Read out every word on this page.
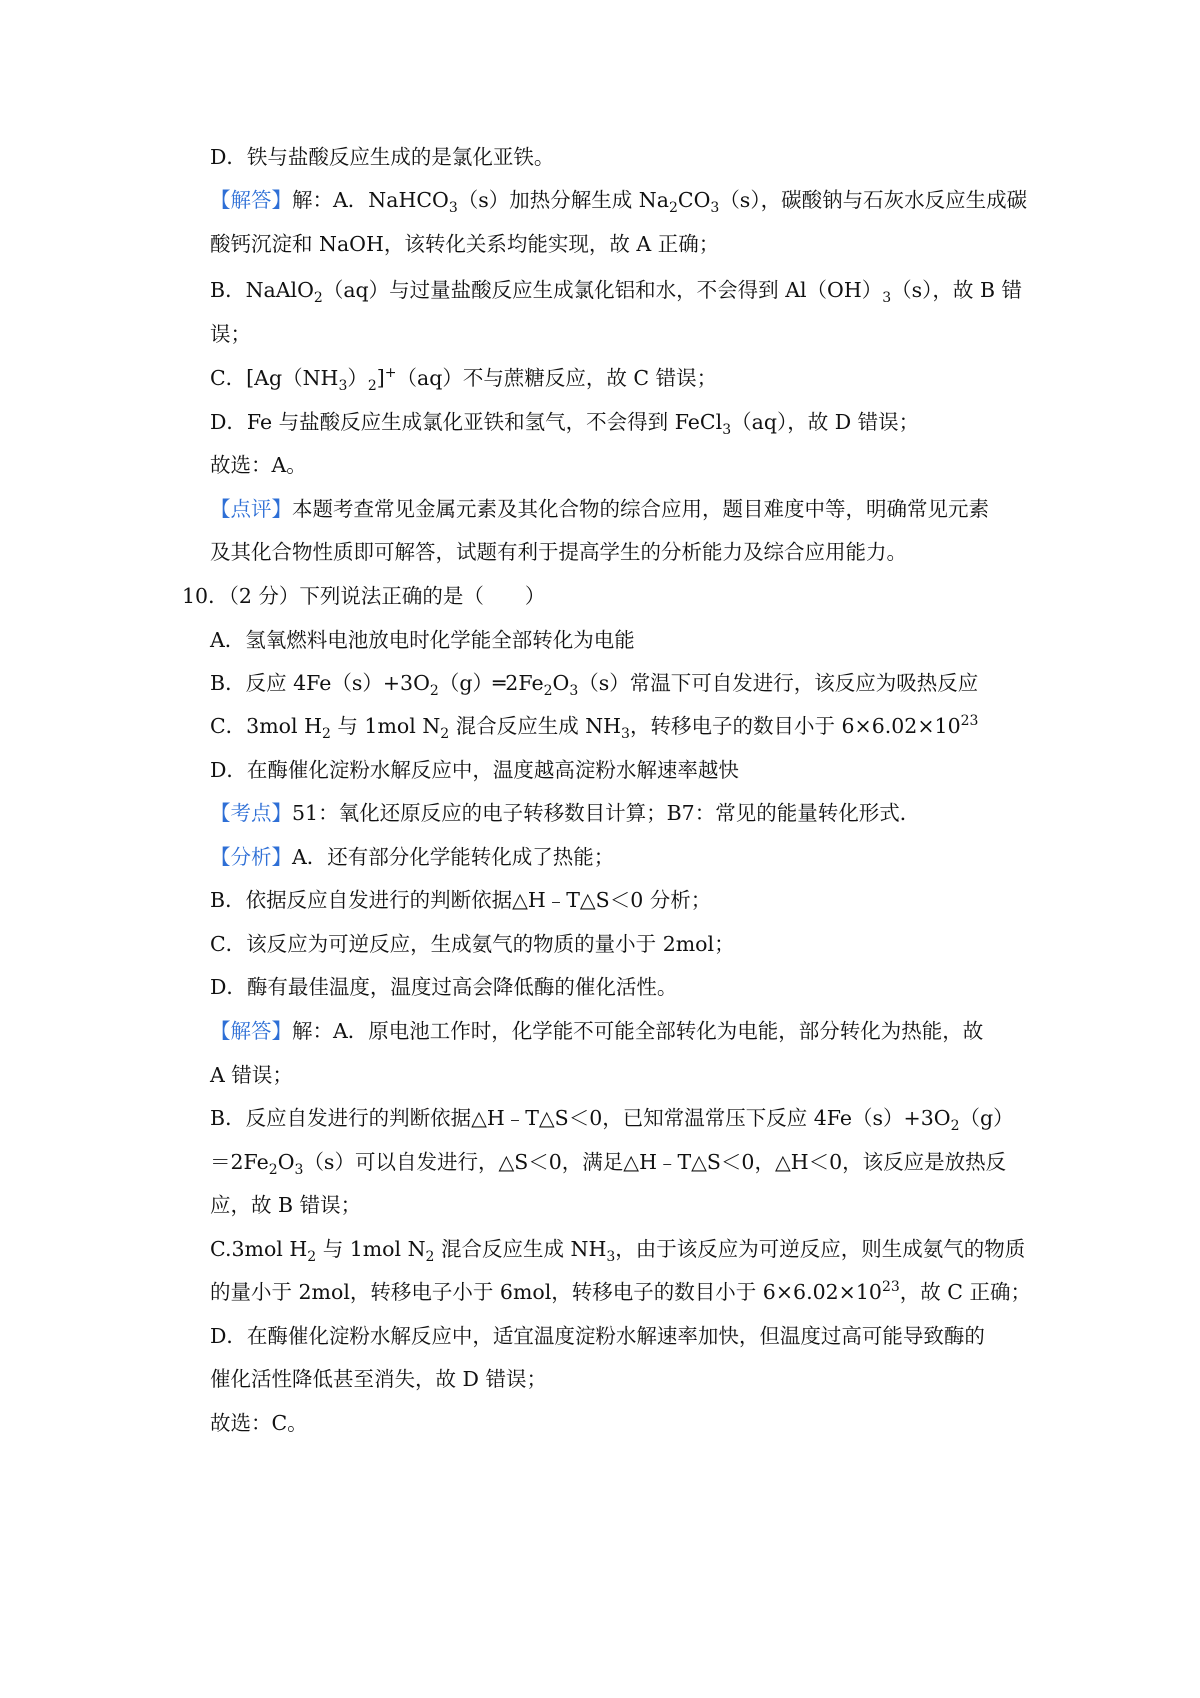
D．铁与盐酸反应生成的是氯化亚铁。
【解答】解：A．NaHCO$_3$（s）加热分解生成 $Na_2CO_3(s)$，碳酸钠与石灰水反应生成碳
酸钙沉淀和 NaOH，该转化关系均能实现，故 A 正确；
B．NaAlO$_2$（aq）与过量盐酸反应生成氯化铝和水，不会得到 $Al(OH)_3(s)$，故 B 错
误；
C．$[Ag(NH_3)_2]^+(aq)$不与蔗糖反应，故 C 错误；
D．Fe 与盐酸反应生成氯化亚铁和氢气，不会得到 FeCl$_3$（aq），故 D 错误；
故选：A。
【点评】本题考查常见金属元素及其化合物的综合应用，题目难度中等，明确常见元素
及其化合物性质即可解答，试题有利于提高学生的分析能力及综合应用能力。
10．（2 分）下列说法正确的是（　　）
A．氢氧燃料电池放电时化学能全部转化为电能
B．反应 $4Fe(s)+3O_2(g)═2Fe_2O_3(s)$常温下可自发进行，该反应为吸热反应
C．3mol $H_2$ 与 1mol $N_2$ 混合反应生成 $NH_3$，转移电子的数目小于 $6\times 6.02\times 10^{23}$
D．在酶催化淀粉水解反应中，温度越高淀粉水解速率越快
【考点】51：氧化还原反应的电子转移数目计算；B7：常见的能量转化形式．
【分析】A．还有部分化学能转化成了热能；
B．依据反应自发进行的判断依据△H﹣T△S＜0 分析；
C．该反应为可逆反应，生成氨气的物质的量小于 2mol；
D．酶有最佳温度，温度过高会降低酶的催化活性。
【解答】解：A．原电池工作时，化学能不可能全部转化为电能，部分转化为热能，故
A 错误；
B．反应自发进行的判断依据△H﹣T△S＜0，已知常温常压下反应 $4Fe(s)+3O_2(g)$
$=2Fe_2O_3(s)$可以自发进行，△S＜0，满足△H﹣T△S＜0，△H＜0，该反应是放热反
应，故 B 错误；
C.3mol $H_2$ 与 1mol $N_2$ 混合反应生成 $NH_3$，由于该反应为可逆反应，则生成氨气的物质
的量小于 2mol，转移电子小于 6mol，转移电子的数目小于 $6\times 6.02\times 10^{23}$，故 C 正确；
D．在酶催化淀粉水解反应中，适宜温度淀粉水解速率加快，但温度过高可能导致酶的
催化活性降低甚至消失，故 D 错误；
故选：C。
